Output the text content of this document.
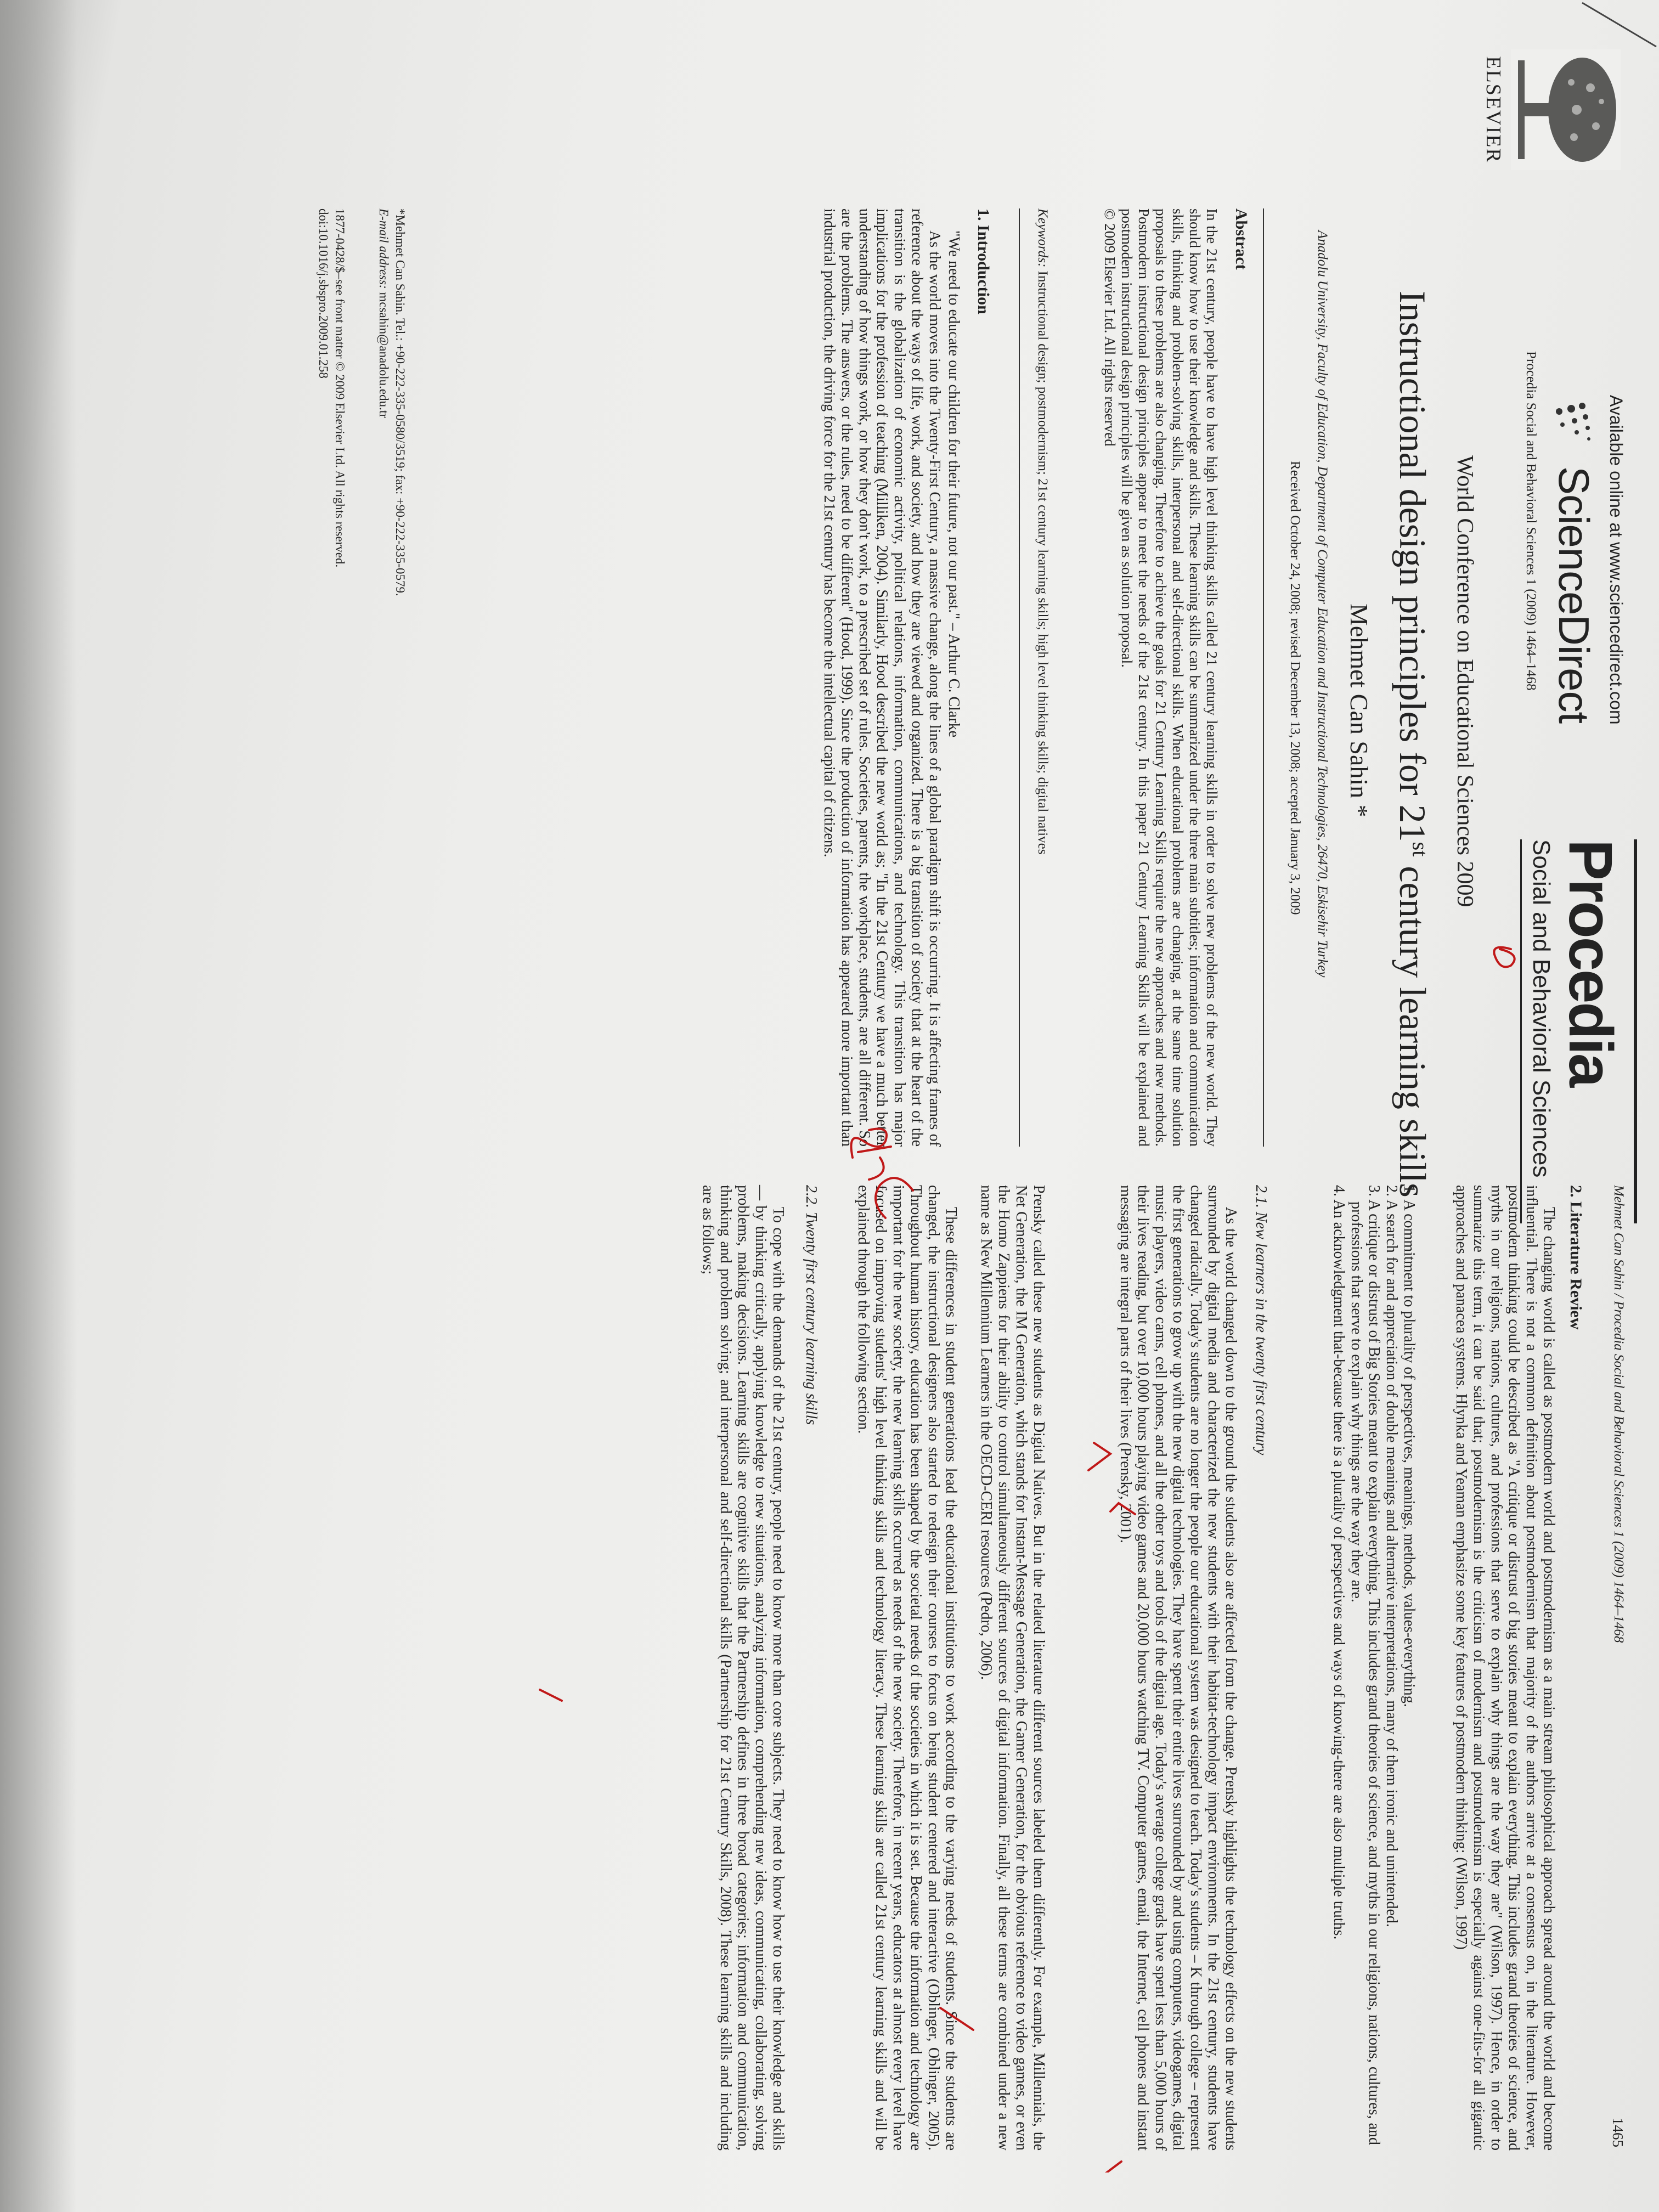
ELSEVIER
Available online at www.sciencedirect.com
ScienceDirect
Procedia Social and Behavioral Sciences 1 (2009) 1464–1468
Procedia
Social and Behavioral Sciences
World Conference on Educational Sciences 2009
Instructional design principles for 21st century learning skills
Mehmet Can Sahin *
Anadolu University, Faculty of Education, Department of Computer Education and Instructional Technologies, 26470, Eskisehir Turkey
Received October 24, 2008; revised December 13, 2008; accepted January 3, 2009
Abstract
In the 21st century, people have to have high level thinking skills called 21 century learning skills in order to solve new problems of the new world. They should know how to use their knowledge and skills. These learning skills can be summarized under the three main subtitles; information and communication skills, thinking and problem-solving skills, interpersonal and self-directional skills. When educational problems are changing, at the same time solution proposals to these problems are also changing. Therefore to achieve the goals for 21 Century Learning Skills require the new approaches and new methods. Postmodern instructional design principles appear to meet the needs of the 21st century. In this paper 21 Century Learning Skills will be explained and postmodern instructional design principles will be given as solution proposal.
© 2009 Elsevier Ltd. All rights reserved
Keywords: Instructional design; postmodernism; 21st century learning skills; high level thinking skills; digital natives
1. Introduction
"We need to educate our children for their future, not our past." – Arthur C. Clarke
As the world moves into the Twenty-First Century, a massive change, along the lines of a global paradigm shift is occurring. It is affecting frames of reference about the ways of life, work, and society, and how they are viewed and organized. There is a big transition of society that at the heart of the transition is the globalization of economic activity, political relations, information, communications, and technology. This transition has major implications for the profession of teaching (Milliken, 2004). Similarly, Hood described the new world as; "In the 21st Century we have a much better understanding of how things work, or how they don't work, to a prescribed set of rules. Societies, parents, the workplace, students, are all different. So are the problems. The answers, or the rules, need to be different" (Hood, 1999). Since the production of information has appeared more important than industrial production, the driving force for the 21st century has become the intellectual capital of citizens.
*Mehmet Can Sahin. Tel.: +90-222-335-0580/3519; fax: +90-222-335-0579.
E-mail address: mcsahin@anadolu.edu.tr
1877-0428/$–see front matter © 2009 Elsevier Ltd. All rights reserved.
doi:10.1016/j.sbspro.2009.01.258
Mehmet Can Sahin / Procedia Social and Behavioral Sciences 1 (2009) 1464–1468
1465
2. Literature Review
The changing world is called as postmodern world and postmodernism as a main stream philosophical approach spread around the world and become influential. There is not a common definition about postmodernism that majority of the authors arrive at a consensus on, in the literature. However, postmodern thinking could be described as "A critique or distrust of big stories meant to explain everything. This includes grand theories of science, and myths in our religions, nations, cultures, and professions that serve to explain why things are the way they are" (Wilson, 1997). Hence, in order to summarize this term, it can be said that; postmodernism is the criticism of modernism and postmodernism is especially against one-fits-for all gigantic approaches and panacea systems. Hlynka and Yeaman emphasize some key features of postmodern thinking: (Wilson, 1997)
1. A commitment to plurality of perspectives, meanings, methods, values-everything.
2. A search for and appreciation of double meanings and alternative interpretations, many of them ironic and unintended.
3. A critique or distrust of Big Stories meant to explain everything. This includes grand theories of science, and myths in our religions, nations, cultures, and professions that serve to explain why things are the way they are.
4. An acknowledgment that-because there is a plurality of perspectives and ways of knowing-there are also multiple truths.
2.1. New learners in the twenty first century
As the world changed down to the ground the students also are affected from the change. Prensky highlights the technology effects on the new students surrounded by digital media and characterized the new students with their habitat-technology impact environments. In the 21st century, students have changed radically. Today's students are no longer the people our educational system was designed to teach. Today's students – K through college – represent the first generations to grow up with the new digital technologies. They have spent their entire lives surrounded by and using computers, videogames, digital music players, video cams, cell phones, and all the other toys and tools of the digital age. Today's average college grads have spent less than 5,000 hours of their lives reading, but over 10,000 hours playing video games and 20,000 hours watching TV. Computer games, email, the Internet, cell phones and instant messaging are integral parts of their lives (Prensky, 2001).
Prensky called these new students as Digital Natives. But in the related literature different sources labeled them differently. For example, Millennials, the Net Generation, the IM Generation, which stands for Instant-Message Generation, the Gamer Generation, for the obvious reference to video games, or even the Homo Zappiens for their ability to control simultaneously different sources of digital information. Finally, all these terms are combined under a new name as New Millennium Learners in the OECD-CERI resources (Pedro, 2006).
These differences in student generations lead the educational institutions to work according to the varying needs of students. Since the students are changed, the instructional designers also started to redesign their courses to focus on being student centered and interactive (Oblinger, Oblinger, 2005). Throughout human history, education has been shaped by the societal needs of the societies in which it is set. Because the information and technology are important for the new society, the new learning skills occurred as needs of the new society. Therefore, in recent years, educators at almost every level have focused on improving students' high level thinking skills and technology literacy. These learning skills are called 21st century learning skills and will be explained through the following section.
2.2. Twenty first century learning skills
To cope with the demands of the 21st century, people need to know more than core subjects. They need to know how to use their knowledge and skills — by thinking critically, applying knowledge to new situations, analyzing information, comprehending new ideas, communicating, collaborating, solving problems, making decisions. Learning skills are cognitive skills that the Partnership defines in three broad categories; information and communication, thinking and problem solving; and interpersonal and self-directional skills (Partnership for 21st Century Skills, 2008). These learning skills and including are as follows;
